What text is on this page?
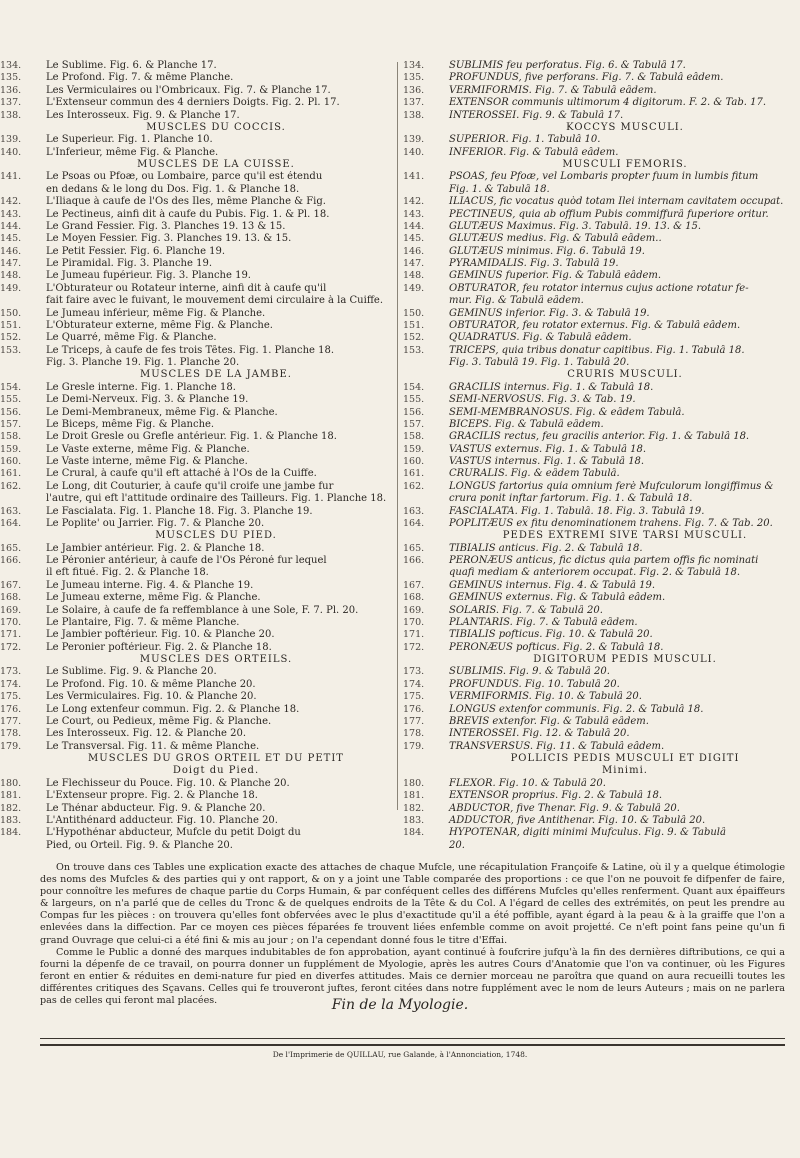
134.	Le Sublime. Fig. 6. & Planche 17.
135.	Le Profond. Fig. 7. & même Planche.
136.	Les Vermiculaires ou l'Ombricaux. Fig. 7. & Planche 17.
137.	L'Extenseur commun des 4 derniers Doigts. Fig. 2. Pl. 17.
138.	Les Interosseux. Fig. 9. & Planche 17.
MUSCLES DU COCCIS.
139.	Le Superieur. Fig. 1. Planche 10.
140.	L'Inferieur, même Fig. & Planche.
MUSCLES DE LA CUISSE.
141.	Le Psoas ou Pfoæ, ou Lombaire, parce qu'il est étendu
en dedans & le long du Dos. Fig. 1. & Planche 18.
142.	L'Iliaque à caufe de l'Os des Iles, même Planche & Fig.
143.	Le Pectineus, ainfi dit à caufe du Pubis. Fig. 1. & Pl. 18.
144.	Le Grand Fessier. Fig. 3. Planches 19. 13 & 15.
145.	Le Moyen Fessier. Fig. 3. Planches 19. 13. & 15.
146.	Le Petit Fessier. Fig. 6. Planche 19.
147.	Le Piramidal. Fig. 3. Planche 19.
148.	Le Jumeau fupérieur. Fig. 3. Planche 19.
149.	L'Obturateur ou Rotateur interne, ainfi dit à caufe qu'il
fait faire avec le fuivant, le mouvement demi circulaire à la Cuiffe.
150.	Le Jumeau inférieur, même Fig. & Planche.
151.	L'Obturateur externe, même Fig. & Planche.
152.	Le Quarré, même Fig. & Planche.
153.	Le Triceps, à caufe de fes trois Têtes. Fig. 1. Planche 18.
Fig. 3. Planche 19. Fig. 1. Planche 20.
MUSCLES DE LA JAMBE.
154.	Le Gresle interne. Fig. 1. Planche 18.
155.	Le Demi-Nerveux. Fig. 3. & Planche 19.
156.	Le Demi-Membraneux, même Fig. & Planche.
157.	Le Biceps, même Fig. & Planche.
158.	Le Droit Gresle ou Grefle antérieur. Fig. 1. & Planche 18.
159.	Le Vaste externe, même Fig. & Planche.
160.	Le Vaste interne, même Fig. & Planche.
161.	Le Crural, à caufe qu'il eft attaché à l'Os de la Cuiffe.
162.	Le Long, dit Couturier, à caufe qu'il croife une jambe fur
l'autre, qui eft l'attitude ordinaire des Tailleurs. Fig. 1. Planche 18.
163.	Le Fascialata. Fig. 1. Planche 18. Fig. 3. Planche 19.
164.	Le Poplite' ou Jarrier. Fig. 7. & Planche 20.
MUSCLES DU PIED.
165.	Le Jambier antérieur. Fig. 2. & Planche 18.
166.	Le Péronier antérieur, à caufe de l'Os Péroné fur lequel
il eft fitué. Fig. 2. & Planche 18.
167.	Le Jumeau interne. Fig. 4. & Planche 19.
168.	Le Jumeau externe, même Fig. & Planche.
169.	Le Solaire, à caufe de fa reffemblance à une Sole, F. 7. Pl. 20.
170.	Le Plantaire, Fig. 7. & même Planche.
171.	Le Jambier poftérieur. Fig. 10. & Planche 20.
172.	Le Peronier poftérieur. Fig. 2. & Planche 18.
MUSCLES DES ORTEILS.
173.	Le Sublime. Fig. 9. & Planche 20.
174.	Le Profond. Fig. 10. & même Planche 20.
175.	Les Vermiculaires. Fig. 10. & Planche 20.
176.	Le Long extenfeur commun. Fig. 2. & Planche 18.
177.	Le Court, ou Pedieux, même Fig. & Planche.
178.	Les Interosseux. Fig. 12. & Planche 20.
179.	Le Transversal. Fig. 11. & même Planche.
MUSCLES DU GROS ORTEIL ET DU PETIT
Doigt du Pied.
180.	Le Flechisseur du Pouce. Fig. 10. & Planche 20.
181.	L'Extenseur propre. Fig. 2. & Planche 18.
182.	Le Thénar abducteur. Fig. 9. & Planche 20.
183.	L'Antithénard adducteur. Fig. 10. Planche 20.
184.	L'Hypothénar abducteur, Mufcle du petit Doigt du
Pied, ou Orteil. Fig. 9. & Planche 20.
134.	SUBLIMIS feu perforatus. Fig. 6. & Tabulâ 17.
135.	PROFUNDUS, five perforans. Fig. 7. & Tabulâ eâdem.
136.	VERMIFORMIS. Fig. 7. & Tabulâ eâdem.
137.	EXTENSOR communis ultimorum 4 digitorum. F. 2. & Tab. 17.
138.	INTEROSSEI. Fig. 9. & Tabulâ 17.
KOCCYS MUSCULI.
139.	SUPERIOR. Fig. 1. Tabulâ 10.
140.	INFERIOR. Fig. & Tabulâ eâdem.
MUSCULI FEMORIS.
141.	PSOAS, feu Pfoæ, vel Lombaris propter fuum in lumbis fitum
Fig. 1. & Tabulâ 18.
142.	ILIACUS, fic vocatus quòd totam Ilei internam cavitatem occupat.
143.	PECTINEUS, quia ab offium Pubis commiffurâ fuperiore oritur.
144.	GLUTÆUS Maximus. Fig. 3. Tabulâ. 19. 13. & 15.
145.	GLUTÆUS medius. Fig. & Tabulâ eâdem..
146.	GLUTÆUS minimus. Fig. 6. Tabulâ 19.
147.	PYRAMIDALIS. Fig. 3. Tabulâ 19.
148.	GEMINUS fuperior. Fig. & Tabulâ eâdem.
149.	OBTURATOR, feu rotator internus cujus actione rotatur fe-
mur. Fig. & Tabulâ eâdem.
150.	GEMINUS inferior. Fig. 3. & Tabulâ 19.
151.	OBTURATOR, feu rotator externus. Fig. & Tabulâ eâdem.
152.	QUADRATUS. Fig. & Tabulâ eâdem.
153.	TRICEPS, quia tribus donatur capitibus. Fig. 1. Tabulâ 18.
Fig. 3. Tabulâ 19. Fig. 1. Tabulâ 20.
CRURIS MUSCULI.
154.	GRACILIS internus. Fig. 1. & Tabulâ 18.
155.	SEMI-NERVOSUS. Fig. 3. & Tab. 19.
156.	SEMI-MEMBRANOSUS. Fig. & eâdem Tabulâ.
157.	BICEPS. Fig. & Tabulâ eâdem.
158.	GRACILIS rectus, feu gracilis anterior. Fig. 1. & Tabulâ 18.
159.	VASTUS externus. Fig. 1. & Tabulâ 18.
160.	VASTUS internus. Fig. 1. & Tabulâ 18.
161.	CRURALIS. Fig. & eâdem Tabulâ.
162.	LONGUS fartorius quia omnium ferè Mufculorum longiffimus &
crura ponit inftar fartorum. Fig. 1. & Tabulâ 18.
163.	FASCIALATA. Fig. 1. Tabulâ. 18. Fig. 3. Tabulâ 19.
164.	POPLITÆUS ex fitu denominationem trahens. Fig. 7. & Tab. 20.
PEDES EXTREMI SIVE TARSI MUSCULI.
165.	TIBIALIS anticus. Fig. 2. & Tabulâ 18.
166.	PERONÆUS anticus, fic dictus quia partem offis fic nominati
quafi mediam & anteriorem occupat. Fig. 2. & Tabulâ 18.
167.	GEMINUS internus. Fig. 4. & Tabulâ 19.
168.	GEMINUS externus. Fig. & Tabulâ eâdem.
169.	SOLARIS. Fig. 7. & Tabulâ 20.
170.	PLANTARIS. Fig. 7. & Tabulâ eâdem.
171.	TIBIALIS pofticus. Fig. 10. & Tabulâ 20.
172.	PERONÆUS pofticus. Fig. 2. & Tabulâ 18.
DIGITORUM PEDIS MUSCULI.
173.	SUBLIMIS. Fig. 9. & Tabulâ 20.
174.	PROFUNDUS. Fig. 10. Tabulâ 20.
175.	VERMIFORMIS. Fig. 10. & Tabulâ 20.
176.	LONGUS extenfor communis. Fig. 2. & Tabulâ 18.
177.	BREVIS extenfor. Fig. & Tabulâ eâdem.
178.	INTEROSSEI. Fig. 12. & Tabulâ 20.
179.	TRANSVERSUS. Fig. 11. & Tabulâ eâdem.
POLLICIS PEDIS MUSCULI ET DIGITI
Minimi.
180.	FLEXOR. Fig. 10. & Tabulâ 20.
181.	EXTENSOR proprius. Fig. 2. & Tabulâ 18.
182.	ABDUCTOR, five Thenar. Fig. 9. & Tabulâ 20.
183.	ADDUCTOR, five Antithenar. Fig. 10. & Tabulâ 20.
184.	HYPOTENAR, digiti minimi Mufculus. Fig. 9. & Tabulâ
20.

On trouve dans ces Tables une explication exacte des attaches de chaque Mufcle, une récapitulation Françoife & Latine, où il y a quelque étimologie des noms des Mufcles & des parties qui y ont rapport, & on y a joint une Table comparée des proportions : ce que l'on ne pouvoit fe difpenfer de faire, pour connoître les mefures de chaque partie du Corps Humain, & par conféquent celles des différens Mufcles qu'elles renferment. Quant aux épaiffeurs & largeurs, on n'a parlé que de celles du Tronc & de quelques endroits de la Tête & du Col. A l'égard de celles des extrémités, on peut les prendre au Compas fur les pièces : on trouvera qu'elles font obfervées avec le plus d'exactitude qu'il a été poffible, ayant égard à la peau & à la graiffe que l'on a enlevées dans la diffection. Par ce moyen ces pièces féparées fe trouvent liées enfemble comme on avoit projetté. Ce n'eft point fans peine qu'un fi grand Ouvrage que celui-ci a été fini & mis au jour ; on l'a cependant donné fous le titre d'Effai.

Comme le Public a donné des marques indubitables de fon approbation, ayant continué à foufcrire jufqu'à la fin des dernières diftributions, ce qui a fourni la dépenfe de ce travail, on pourra donner un fupplément de Myologie, après les autres Cours d'Anatomie que l'on va continuer, où les Figures feront en entier & réduites en demi-nature fur pied en diverfes attitudes. Mais ce dernier morceau ne paroîtra que quand on aura recueilli toutes les différentes critiques des Sçavans. Celles qui fe trouveront juftes, feront citées dans notre fupplément avec le nom de leurs Auteurs ; mais on ne parlera pas de celles qui feront mal placées.	Fin de la Myologie.
De l'Imprimerie de QUILLAU, rue Galande, à l'Annonciation, 1748.
